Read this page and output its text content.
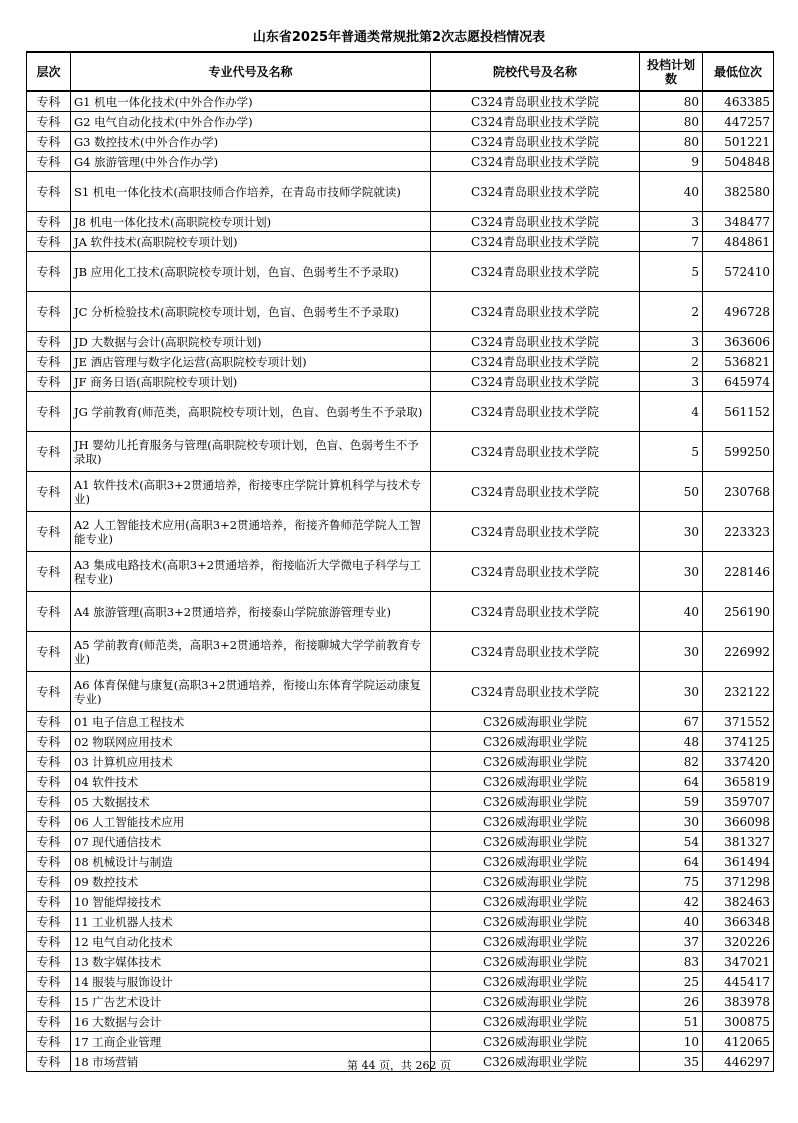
山东省2025年普通类常规批第2次志愿投档情况表
层次	专业代号及名称	院校代号及名称	投档计划数	最低位次
专科	G1 机电一体化技术(中外合作办学)	C324青岛职业技术学院	80	463385
专科	G2 电气自动化技术(中外合作办学)	C324青岛职业技术学院	80	447257
专科	G3 数控技术(中外合作办学)	C324青岛职业技术学院	80	501221
专科	G4 旅游管理(中外合作办学)	C324青岛职业技术学院	9	504848
专科	S1 机电一体化技术(高职技师合作培养，在青岛市技师学院就读)	C324青岛职业技术学院	40	382580
专科	J8 机电一体化技术(高职院校专项计划)	C324青岛职业技术学院	3	348477
专科	JA 软件技术(高职院校专项计划)	C324青岛职业技术学院	7	484861
专科	JB 应用化工技术(高职院校专项计划，色盲、色弱考生不予录取)	C324青岛职业技术学院	5	572410
专科	JC 分析检验技术(高职院校专项计划，色盲、色弱考生不予录取)	C324青岛职业技术学院	2	496728
专科	JD 大数据与会计(高职院校专项计划)	C324青岛职业技术学院	3	363606
专科	JE 酒店管理与数字化运营(高职院校专项计划)	C324青岛职业技术学院	2	536821
专科	JF 商务日语(高职院校专项计划)	C324青岛职业技术学院	3	645974
专科	JG 学前教育(师范类，高职院校专项计划，色盲、色弱考生不予录取)	C324青岛职业技术学院	4	561152
专科	JH 婴幼儿托育服务与管理(高职院校专项计划，色盲、色弱考生不予录取)	C324青岛职业技术学院	5	599250
专科	A1 软件技术(高职3+2贯通培养，衔接枣庄学院计算机科学与技术专业)	C324青岛职业技术学院	50	230768
专科	A2 人工智能技术应用(高职3+2贯通培养，衔接齐鲁师范学院人工智能专业)	C324青岛职业技术学院	30	223323
专科	A3 集成电路技术(高职3+2贯通培养，衔接临沂大学微电子科学与工程专业)	C324青岛职业技术学院	30	228146
专科	A4 旅游管理(高职3+2贯通培养，衔接泰山学院旅游管理专业)	C324青岛职业技术学院	40	256190
专科	A5 学前教育(师范类，高职3+2贯通培养，衔接聊城大学学前教育专业)	C324青岛职业技术学院	30	226992
专科	A6 体育保健与康复(高职3+2贯通培养，衔接山东体育学院运动康复专业)	C324青岛职业技术学院	30	232122
专科	01 电子信息工程技术	C326威海职业学院	67	371552
专科	02 物联网应用技术	C326威海职业学院	48	374125
专科	03 计算机应用技术	C326威海职业学院	82	337420
专科	04 软件技术	C326威海职业学院	64	365819
专科	05 大数据技术	C326威海职业学院	59	359707
专科	06 人工智能技术应用	C326威海职业学院	30	366098
专科	07 现代通信技术	C326威海职业学院	54	381327
专科	08 机械设计与制造	C326威海职业学院	64	361494
专科	09 数控技术	C326威海职业学院	75	371298
专科	10 智能焊接技术	C326威海职业学院	42	382463
专科	11 工业机器人技术	C326威海职业学院	40	366348
专科	12 电气自动化技术	C326威海职业学院	37	320226
专科	13 数字媒体技术	C326威海职业学院	83	347021
专科	14 服装与服饰设计	C326威海职业学院	25	445417
专科	15 广告艺术设计	C326威海职业学院	26	383978
专科	16 大数据与会计	C326威海职业学院	51	300875
专科	17 工商企业管理	C326威海职业学院	10	412065
专科	18 市场营销	C326威海职业学院	35	446297
第 44 页，共 262 页
